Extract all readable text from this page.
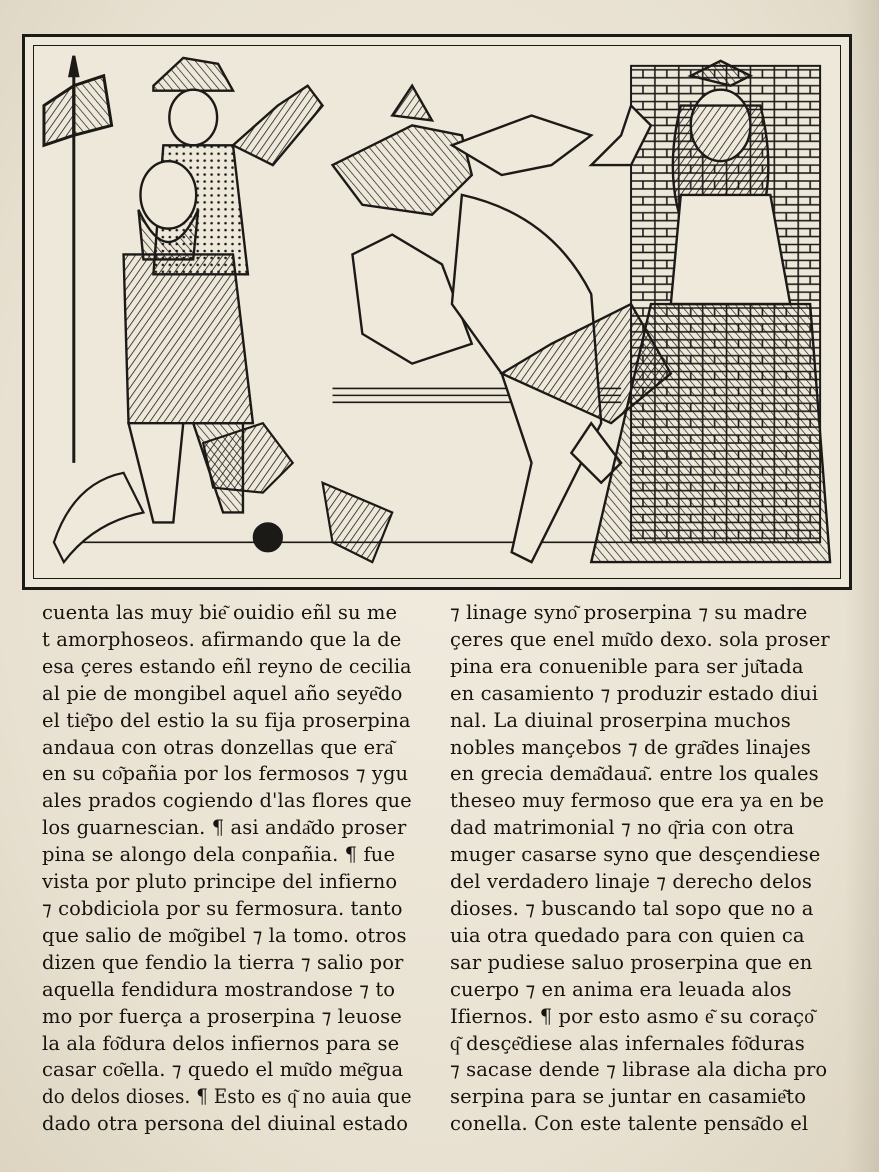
cuenta las muy bie͂ ouidio eñl su me
t amorphoseos. afirmando que la de
esa çeres estando eñl reyno de cecilia
al pie de mongibel aquel año seye͂do
el tie͂po del estio la su fija proserpina
andaua con otras donzellas que era͂
en su co͂pañia por los fermosos ⁊ ygu
ales prados cogiendo d'las flores que
los guarnescian. ¶ asi anda͂do proser
pina se alongo dela conpañia. ¶ fue
vista por pluto principe del infierno
⁊ cobdiciola por su fermosura. tanto
que salio de mo͂gibel ⁊ la tomo. otros
dizen que fendio la tierra ⁊ salio por
aquella fendidura mostrandose ⁊ to
mo por fuerça a proserpina ⁊ leuose
la ala fo͂dura delos infiernos para se
casar co͂ella. ⁊ quedo el mu͂do me͂gua
do delos dioses. ¶ Esto es q͂ no auia que
dado otra persona del diuinal estado
⁊ linage syno͂ proserpina ⁊ su madre
çeres que enel mu͂do dexo. sola proser
pina era conuenible para ser ju͂tada
en casamiento ⁊ produzir estado diui
nal. La diuinal proserpina muchos
nobles mançebos ⁊ de gra͂des linajes
en grecia dema͂daua͂. entre los quales
theseo muy fermoso que era ya en be
dad matrimonial ⁊ no q͂ria con otra
muger casarse syno que desçendiese
del verdadero linaje ⁊ derecho delos
dioses. ⁊ buscando tal sopo que no a
uia otra quedado para con quien ca
sar pudiese saluo proserpina que en
cuerpo ⁊ en anima era leuada alos
Ifiernos. ¶ por esto asmo e͂ su coraço͂
q͂ desçe͂diese alas infernales fo͂duras
⁊ sacase dende ⁊ librase ala dicha pro
serpina para se juntar en casamie͂to
conella. Con este talente pensa͂do el
